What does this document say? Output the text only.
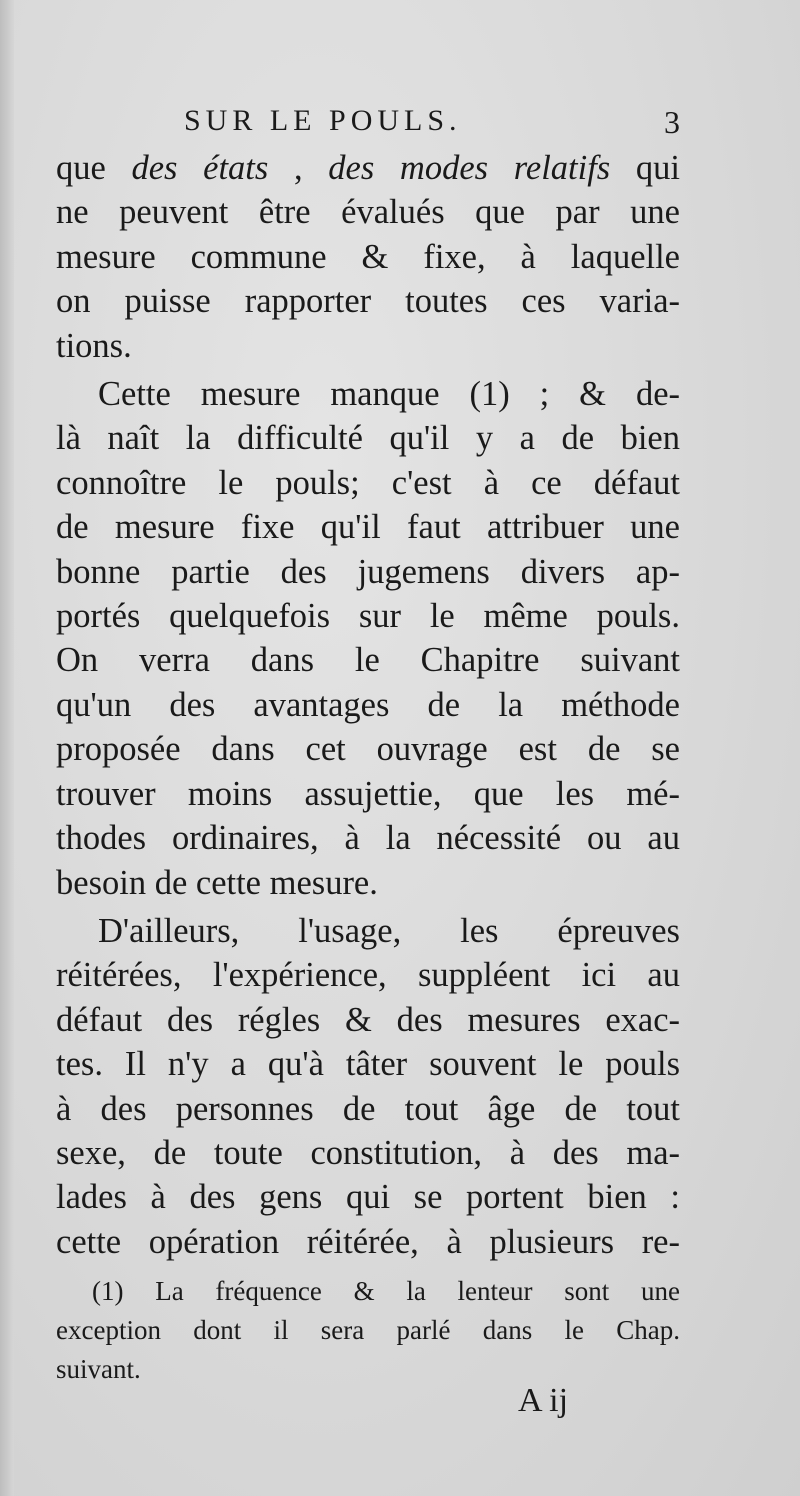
SUR LE POULS.	3

que des états , des modes relatifs qui
ne peuvent être évalués que par une
mesure commune & fixe, à laquelle
on puisse rapporter toutes ces varia-
tions.

Cette mesure manque (1) ; & de-
là naît la difficulté qu'il y a de bien
connoître le pouls; c'est à ce défaut
de mesure fixe qu'il faut attribuer une
bonne partie des jugemens divers ap-
portés quelquefois sur le même pouls.
On verra dans le Chapitre suivant
qu'un des avantages de la méthode
proposée dans cet ouvrage est de se
trouver moins assujettie, que les mé-
thodes ordinaires, à la nécessité ou au
besoin de cette mesure.

D'ailleurs, l'usage, les épreuves
réitérées, l'expérience, suppléent ici au
défaut des régles & des mesures exac-
tes. Il n'y a qu'à tâter souvent le pouls
à des personnes de tout âge de tout
sexe, de toute constitution, à des ma-
lades à des gens qui se portent bien :
cette opération réitérée, à plusieurs re-

(1) La fréquence & la lenteur sont une
exception dont il sera parlé dans le Chap.
suivant.
A ij
